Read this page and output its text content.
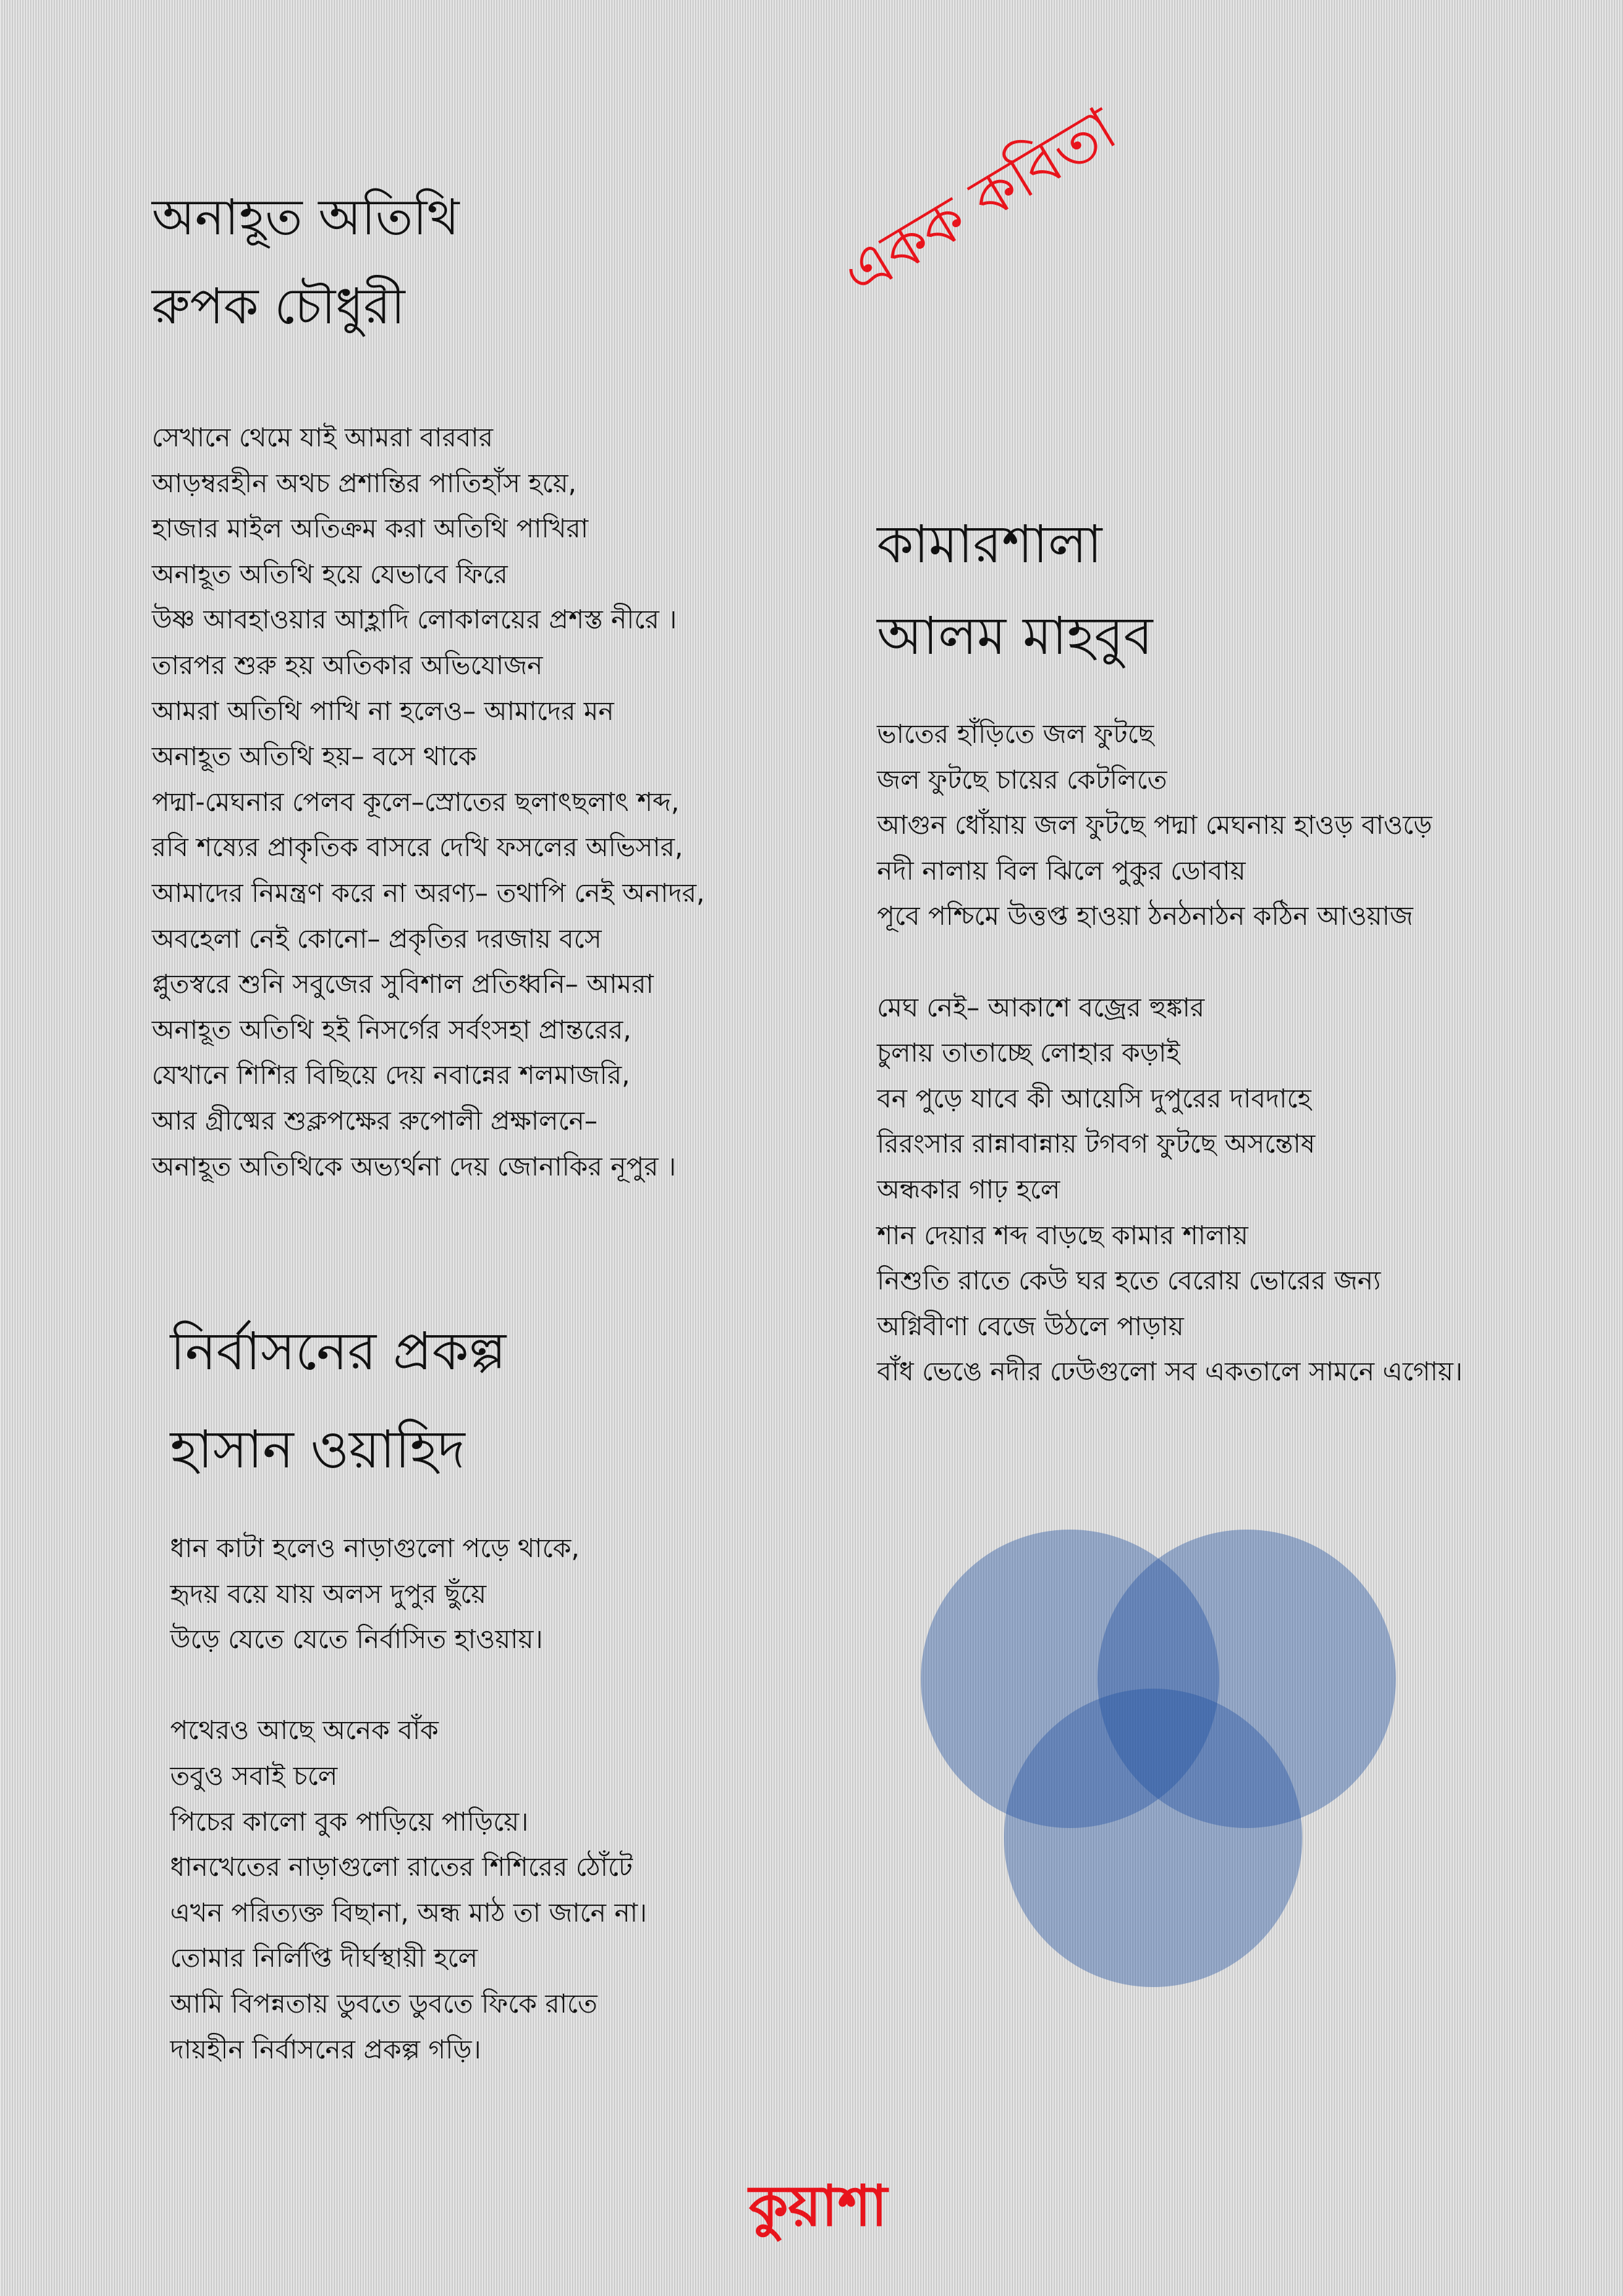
একক কবিতা
অনাহূত অতিথি
রুপক চৌধুরী
সেখানে থেমে যাই আমরা বারবার
আড়ম্বরহীন অথচ প্রশান্তির পাতিহাঁস হয়ে,
হাজার মাইল অতিক্রম করা অতিথি পাখিরা
অনাহূত অতিথি হয়ে যেভাবে ফিরে
উষ্ণ আবহাওয়ার আহ্লাদি লোকালয়ের প্রশস্ত নীরে ।
তারপর শুরু হয় অতিকার অভিযোজন
আমরা অতিথি পাখি না হলেও– আমাদের মন
অনাহূত অতিথি হয়– বসে থাকে
পদ্মা-মেঘনার পেলব কূলে–স্রোতের ছলাৎছলাৎ শব্দ,
রবি শষ্যের প্রাকৃতিক বাসরে দেখি ফসলের অভিসার,
আমাদের নিমন্ত্রণ করে না অরণ্য– তথাপি নেই অনাদর,
অবহেলা নেই কোনো– প্রকৃতির দরজায় বসে
প্লুতস্বরে শুনি সবুজের সুবিশাল প্রতিধ্বনি– আমরা
অনাহূত অতিথি হই নিসর্গের সর্বংসহা প্রান্তরের,
যেখানে শিশির বিছিয়ে দেয় নবান্নের শলমাজরি,
আর গ্রীষ্মের শুক্লপক্ষের রুপোলী প্রক্ষালনে–
অনাহূত অতিথিকে অভ্যর্থনা দেয় জোনাকির নূপুর ।
কামারশালা
আলম মাহবুব
ভাতের হাঁড়িতে জল ফুটছে
জল ফুটছে চায়ের কেটলিতে
আগুন ধোঁয়ায় জল ফুটছে পদ্মা মেঘনায় হাওড় বাওড়ে
নদী নালায় বিল ঝিলে পুকুর ডোবায়
পূবে পশ্চিমে উত্তপ্ত হাওয়া ঠনঠনাঠন কঠিন আওয়াজ
মেঘ নেই– আকাশে বজ্রের হুঙ্কার
চুলায় তাতাচ্ছে লোহার কড়াই
বন পুড়ে যাবে কী আয়েসি দুপুরের দাবদাহে
রিরংসার রান্নাবান্নায় টগবগ ফুটছে অসন্তোষ
অন্ধকার গাঢ় হলে
শান দেয়ার শব্দ বাড়ছে কামার শালায়
নিশুতি রাতে কেউ ঘর হতে বেরোয় ভোরের জন্য
অগ্নিবীণা বেজে উঠলে পাড়ায়
বাঁধ ভেঙে নদীর ঢেউগুলো সব একতালে সামনে এগোয়।
নির্বাসনের প্রকল্প
হাসান ওয়াহিদ
ধান কাটা হলেও নাড়াগুলো পড়ে থাকে,
হৃদয় বয়ে যায় অলস দুপুর ছুঁয়ে
উড়ে যেতে যেতে নির্বাসিত হাওয়ায়।
পথেরও আছে অনেক বাঁক
তবুও সবাই চলে
পিচের কালো বুক পাড়িয়ে পাড়িয়ে।
ধানখেতের নাড়াগুলো রাতের শিশিরের ঠোঁটে
এখন পরিত্যক্ত বিছানা, অন্ধ মাঠ তা জানে না।
তোমার নির্লিপ্তি দীর্ঘস্থায়ী হলে
আমি বিপন্নতায় ডুবতে ডুবতে ফিকে রাতে
দায়হীন নির্বাসনের প্রকল্প গড়ি।
কুয়াশা
